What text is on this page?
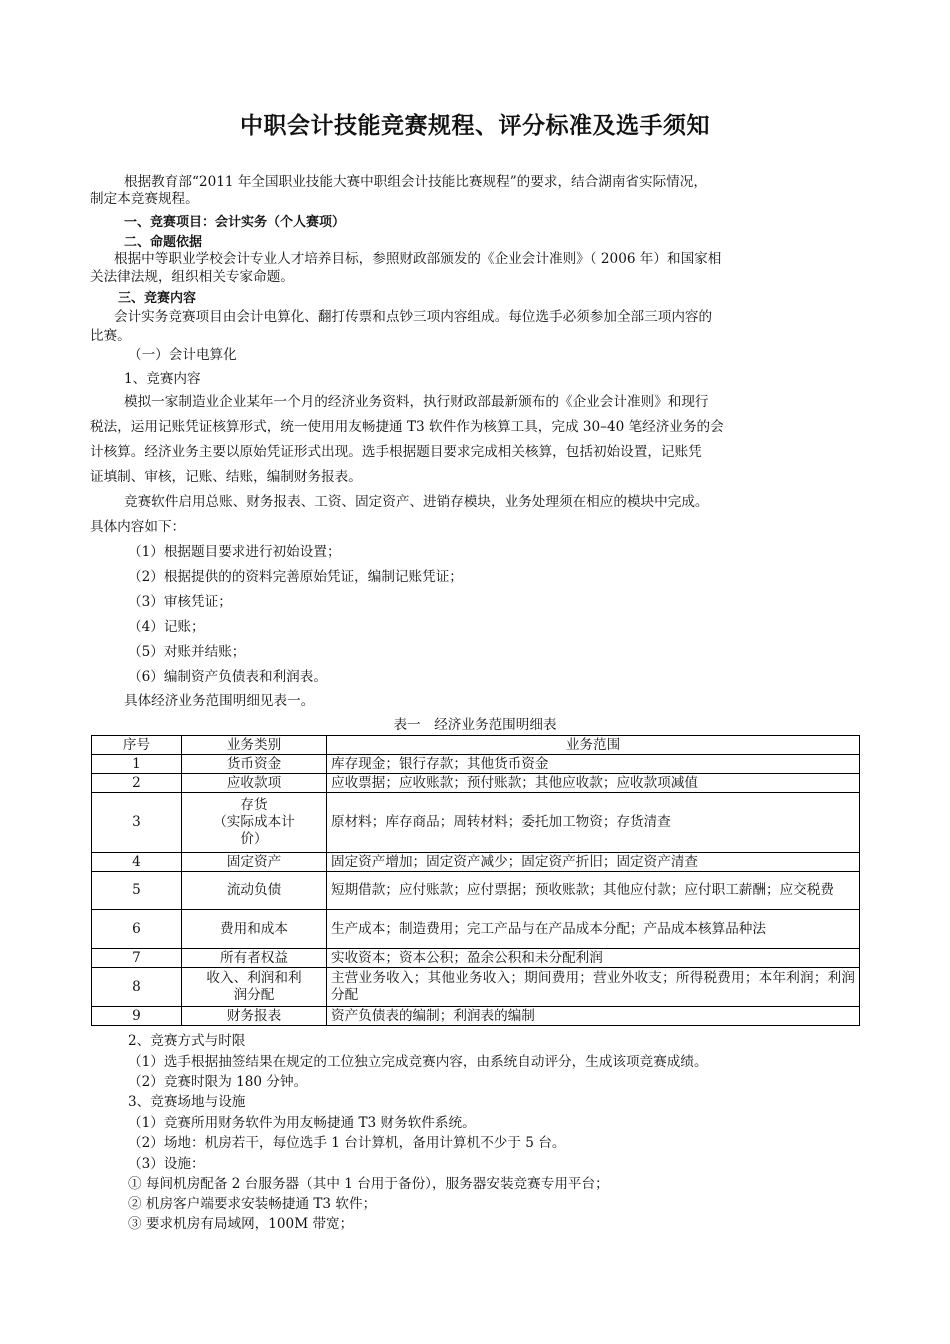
中职会计技能竞赛规程、评分标准及选手须知
根据教育部“2011 年全国职业技能大赛中职组会计技能比赛规程”的要求，结合湖南省实际情况，
制定本竞赛规程。
一、竞赛项目：会计实务（个人赛项）
二、命题依据
根据中等职业学校会计专业人才培养目标，参照财政部颁发的《企业会计准则》（ 2006 年）和国家相
关法律法规，组织相关专家命题。
三、竞赛内容
会计实务竞赛项目由会计电算化、翻打传票和点钞三项内容组成。每位选手必须参加全部三项内容的
比赛。
（一）会计电算化
1、竞赛内容
模拟一家制造业企业某年一个月的经济业务资料，执行财政部最新颁布的《企业会计准则》和现行
税法，运用记账凭证核算形式，统一使用用友畅捷通 T3 软件作为核算工具，完成 30–40 笔经济业务的会
计核算。经济业务主要以原始凭证形式出现。选手根据题目要求完成相关核算，包括初始设置，记账凭
证填制、审核，记账、结账，编制财务报表。
竞赛软件启用总账、财务报表、工资、固定资产、进销存模块，业务处理须在相应的模块中完成。
具体内容如下：
（1）根据题目要求进行初始设置；
（2）根据提供的的资料完善原始凭证，编制记账凭证；
（3）审核凭证；
（4）记账；
（5）对账并结账；
（6）编制资产负债表和利润表。
具体经济业务范围明细见表一。
表一　经济业务范围明细表
序号	业务类别	业务范围
1	货币资金	库存现金；银行存款；其他货币资金
2	应收款项	应收票据；应收账款；预付账款；其他应收款；应收款项减值
3	存货
（实际成本计
价）	原材料；库存商品；周转材料；委托加工物资；存货清查
4	固定资产	固定资产增加；固定资产减少；固定资产折旧；固定资产清查
5	流动负债	短期借款；应付账款；应付票据；预收账款；其他应付款；应付职工薪酬；应交税费
6	费用和成本	生产成本；制造费用；完工产品与在产品成本分配；产品成本核算品种法
7	所有者权益	实收资本；资本公积；盈余公积和未分配利润
8	收入、利润和利
润分配	主营业务收入；其他业务收入；期间费用；营业外收支；所得税费用；本年利润；利润分配
9	财务报表	资产负债表的编制；利润表的编制
2、竞赛方式与时限
（1）选手根据抽签结果在规定的工位独立完成竞赛内容，由系统自动评分，生成该项竞赛成绩。
（2）竞赛时限为 180 分钟。
3、竞赛场地与设施
（1）竞赛所用财务软件为用友畅捷通 T3 财务软件系统。
（2）场地：机房若干，每位选手 1 台计算机，备用计算机不少于 5 台。
（3）设施：
① 每间机房配备 2 台服务器（其中 1 台用于备份），服务器安装竞赛专用平台；
② 机房客户端要求安装畅捷通 T3 软件；
③ 要求机房有局域网，100M 带宽；
